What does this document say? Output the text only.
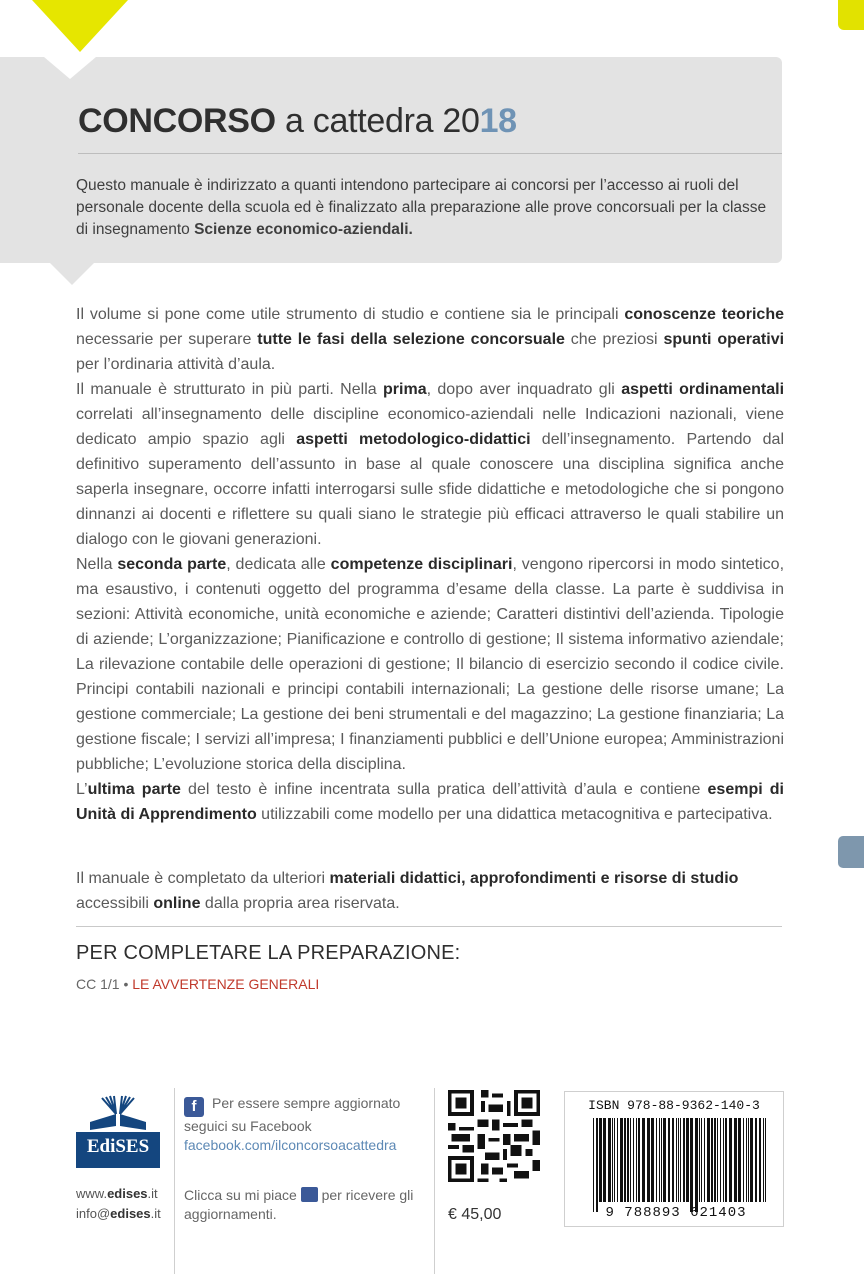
CONCORSO a cattedra 2018
Questo manuale è indirizzato a quanti intendono partecipare ai concorsi per l’accesso ai ruoli del personale docente della scuola ed è finalizzato alla preparazione alle prove concorsuali per la classe di insegnamento Scienze economico-aziendali.

Il volume si pone come utile strumento di studio e contiene sia le principali conoscenze teoriche necessarie per superare tutte le fasi della selezione concorsuale che preziosi spunti operativi per l’ordinaria attività d’aula.

Il manuale è strutturato in più parti. Nella prima, dopo aver inquadrato gli aspetti ordinamentali correlati all’insegnamento delle discipline economico-aziendali nelle Indicazioni nazionali, viene dedicato ampio spazio agli aspetti metodologico-didattici dell’insegnamento. Partendo dal definitivo superamento dell’assunto in base al quale conoscere una disciplina significa anche saperla insegnare, occorre infatti interrogarsi sulle sfide didattiche e metodologiche che si pongono dinnanzi ai docenti e riflettere su quali siano le strategie più efficaci attraverso le quali stabilire un dialogo con le giovani generazioni.

Nella seconda parte, dedicata alle competenze disciplinari, vengono ripercorsi in modo sintetico, ma esaustivo, i contenuti oggetto del programma d’esame della classe. La parte è suddivisa in sezioni: Attività economiche, unità economiche e aziende; Caratteri distintivi dell’azienda. Tipologie di aziende; L’organizzazione; Pianificazione e controllo di gestione; Il sistema informativo aziendale; La rilevazione contabile delle operazioni di gestione; Il bilancio di esercizio secondo il codice civile. Principi contabili nazionali e principi contabili internazionali; La gestione delle risorse umane; La gestione commerciale; La gestione dei beni strumentali e del magazzino; La gestione finanziaria; La gestione fiscale; I servizi all’impresa; I finanziamenti pubblici e dell’Unione europea; Amministrazioni pubbliche; L’evoluzione storica della disciplina.

L’ultima parte del testo è infine incentrata sulla pratica dell’attività d’aula e contiene esempi di Unità di Apprendimento utilizzabili come modello per una didattica metacognitiva e partecipativa.

Il manuale è completato da ulteriori materiali didattici, approfondimenti e risorse di studio accessibili online dalla propria area riservata.
PER COMPLETARE LA PREPARAZIONE:
CC 1/1 • LE AVVERTENZE GENERALI
EdiSES
www.edises.it
info@edises.it
f Per essere sempre aggiornato
seguici su Facebook
facebook.com/ilconcorsoacattedra
Clicca su mi piace  per ricevere gli aggiornamenti.	€ 45,00
ISBN 978-88-9362-140-3
9 788893 621403
